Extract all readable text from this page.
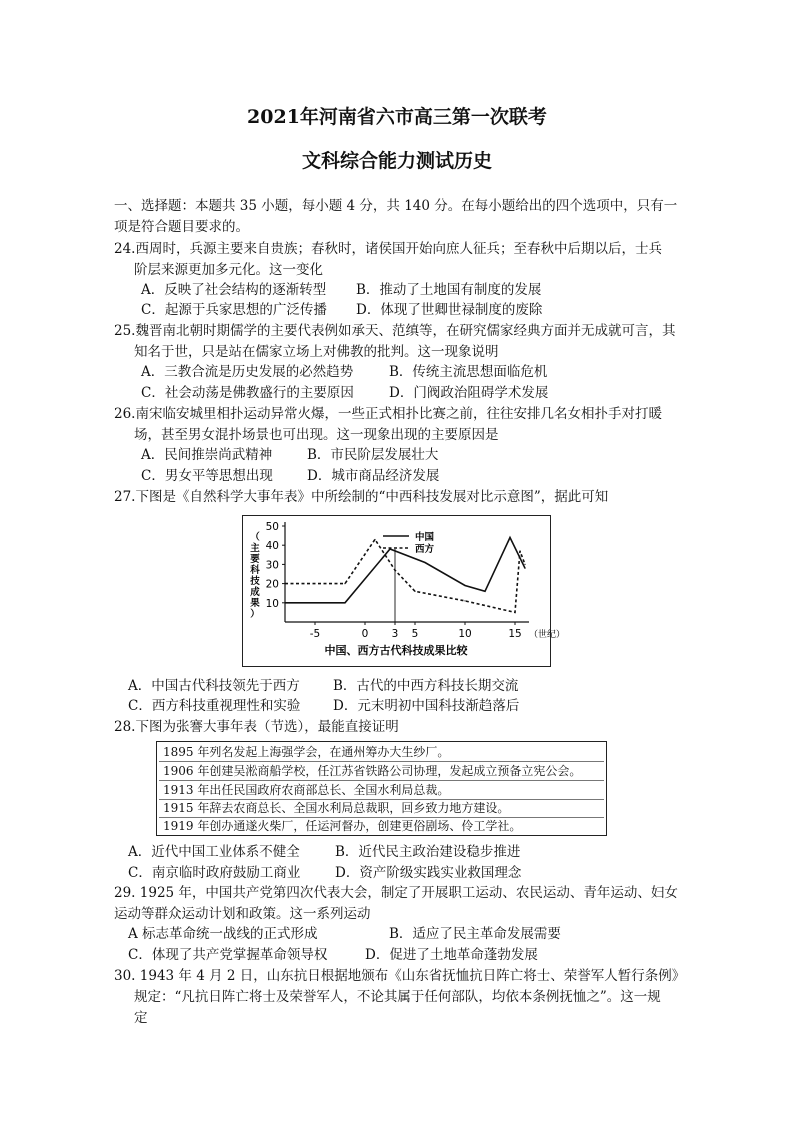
2021年河南省六市高三第一次联考
文科综合能力测试历史
一、选择题：本题共 35 小题，每小题 4 分，共 140 分。在每小题给出的四个选项中，只有一
项是符合题目要求的。
24.西周时，兵源主要来自贵族；春秋时，诸侯国开始向庶人征兵；至春秋中后期以后，士兵
阶层来源更加多元化。这一变化
A．反映了社会结构的逐渐转型 B．推动了土地国有制度的发展
C．起源于兵家思想的广泛传播 D．体现了世卿世禄制度的废除
25.魏晋南北朝时期儒学的主要代表例如承天、范缜等，在研究儒家经典方面并无成就可言，其
知名于世，只是站在儒家立场上对佛教的批判。这一现象说明
A．三教合流是历史发展的必然趋势	B．传统主流思想面临危机
C．社会动荡是佛教盛行的主要原因	D．门阀政治阻碍学术发展
26.南宋临安城里相扑运动异常火爆，一些正式相扑比赛之前，往往安排几名女相扑手对打暖
场，甚至男女混扑场景也可出现。这一现象出现的主要原因是
A．民间推崇尚武精神	B．市民阶层发展壮大
C．男女平等思想出现	D．城市商品经济发展
27.下图是《自然科学大事年表》中所绘制的“中西科技发展对比示意图”，据此可知
10
20
30
40
50
-5	0 3 5	10	15
（
主
要
科
技
成
果
）
（世纪）
中国
西方
中国、西方古代科技成果比较
A．中国古代科技领先于西方 B．古代的中西方科技长期交流
C．西方科技重视理性和实验 D．元末明初中国科技渐趋落后
28.下图为张謇大事年表（节选），最能直接证明
1895 年列名发起上海强学会，在通州筹办大生纱厂。
1906 年创建吴淞商船学校，任江苏省铁路公司协理，发起成立预备立宪公会。
1913 年出任民国政府农商部总长、全国水利局总裁。
1915 年辞去农商总长、全国水利局总裁职，回乡致力地方建设。
1919 年创办通遂火柴厂，任运河督办，创建更俗剧场、伶工学社。
A．近代中国工业体系不健全	B．近代民主政治建设稳步推进
C．南京临时政府鼓励工商业	D．资产阶级实践实业救国理念
29. 1925 年，中国共产党第四次代表大会，制定了开展职工运动、农民运动、青年运动、妇女
运动等群众运动计划和政策。这一系列运动
A 标志革命统一战线的正式形成	B．适应了民主革命发展需要
C．体现了共产党掌握革命领导权	D．促进了土地革命蓬勃发展
30. 1943 年 4 月 2 日，山东抗日根据地颁布《山东省抚恤抗日阵亡将士、荣誉军人暂行条例》
规定：“凡抗日阵亡将士及荣誉军人，不论其属于任何部队，均依本条例抚恤之”。这一规
定
